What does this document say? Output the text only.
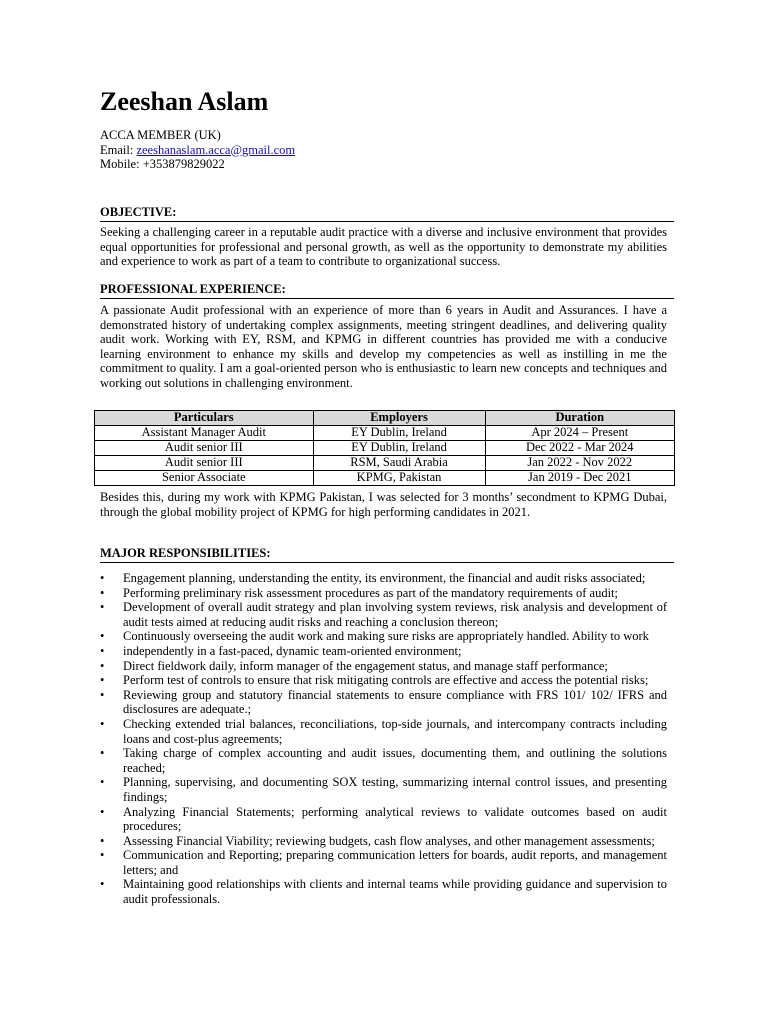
Zeeshan Aslam
ACCA MEMBER (UK)
Email: zeeshanaslam.acca@gmail.com
Mobile: +353879829022
OBJECTIVE:

Seeking a challenging career in a reputable audit practice with a diverse and inclusive environment that provides equal opportunities for professional and personal growth, as well as the opportunity to demonstrate my abilities and experience to work as part of a team to contribute to organizational success.

PROFESSIONAL EXPERIENCE:

A passionate Audit professional with an experience of more than 6 years in Audit and Assurances. I have a demonstrated history of undertaking complex assignments, meeting stringent deadlines, and delivering quality audit work. Working with EY, RSM, and KPMG in different countries has provided me with a conducive learning environment to enhance my skills and develop my competencies as well as instilling in me the commitment to quality. I am a goal-oriented person who is enthusiastic to learn new concepts and techniques and working out solutions in challenging environment.

Particulars	Employers	Duration
Assistant Manager Audit	EY Dublin, Ireland	Apr 2024 – Present
Audit senior III	EY Dublin, Ireland	Dec 2022 - Mar 2024
Audit senior III	RSM, Saudi Arabia	Jan 2022 - Nov 2022
Senior Associate	KPMG, Pakistan	Jan 2019 - Dec 2021

Besides this, during my work with KPMG Pakistan, I was selected for 3 months’ secondment to KPMG Dubai, through the global mobility project of KPMG for high performing candidates in 2021.

MAJOR RESPONSIBILITIES:
• Engagement planning, understanding the entity, its environment, the financial and audit risks associated;
• Performing preliminary risk assessment procedures as part of the mandatory requirements of audit;
• Development of overall audit strategy and plan involving system reviews, risk analysis and development of audit tests aimed at reducing audit risks and reaching a conclusion thereon;
• Continuously overseeing the audit work and making sure risks are appropriately handled. Ability to work
• independently in a fast-paced, dynamic team-oriented environment;
• Direct fieldwork daily, inform manager of the engagement status, and manage staff performance;
• Perform test of controls to ensure that risk mitigating controls are effective and access the potential risks;
• Reviewing group and statutory financial statements to ensure compliance with FRS 101/ 102/ IFRS and disclosures are adequate.;
• Checking extended trial balances, reconciliations, top-side journals, and intercompany contracts including loans and cost-plus agreements;
• Taking charge of complex accounting and audit issues, documenting them, and outlining the solutions reached;
• Planning, supervising, and documenting SOX testing, summarizing internal control issues, and presenting findings;
• Analyzing Financial Statements; performing analytical reviews to validate outcomes based on audit procedures;
• Assessing Financial Viability; reviewing budgets, cash flow analyses, and other management assessments;
• Communication and Reporting; preparing communication letters for boards, audit reports, and management letters; and
• Maintaining good relationships with clients and internal teams while providing guidance and supervision to audit professionals.
